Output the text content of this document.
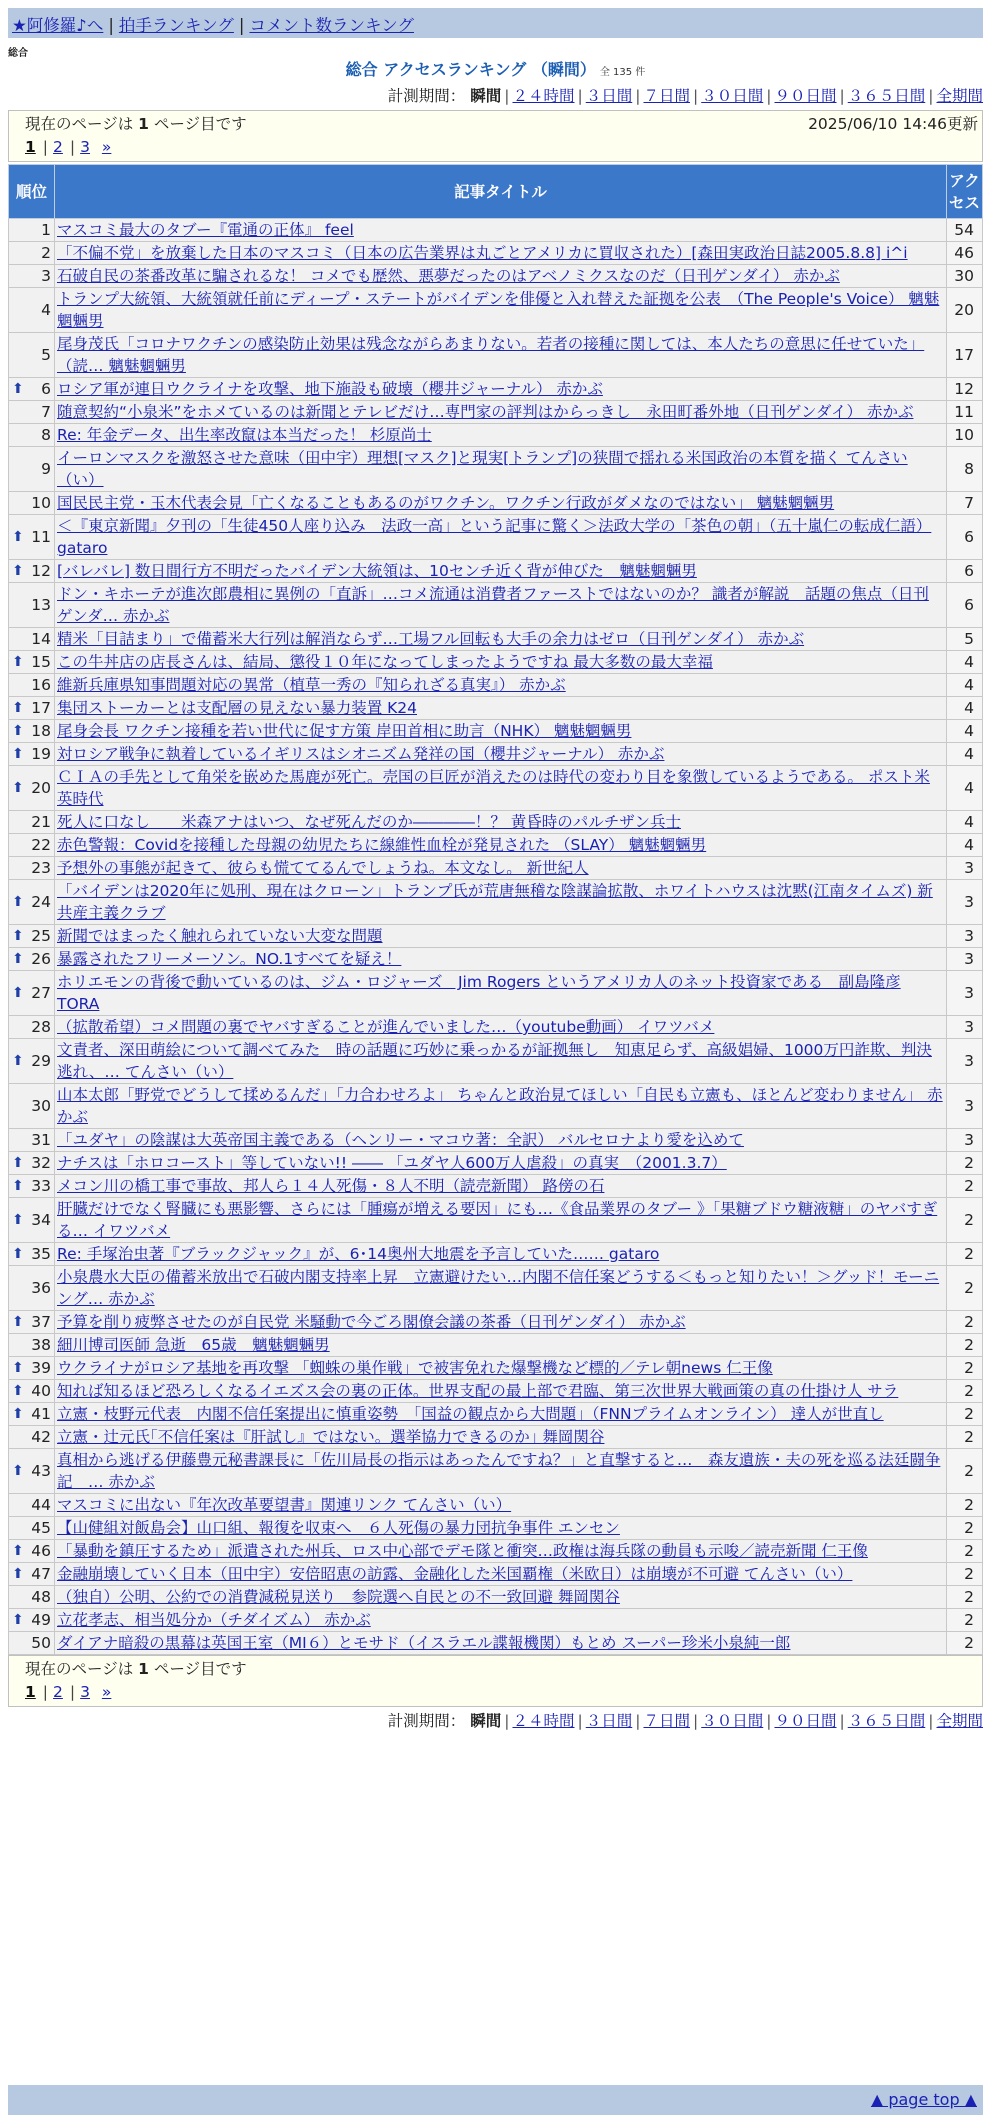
★阿修羅♪へ | 拍手ランキング | コメント数ランキング
総合
総合 アクセスランキング （瞬間） 全 135 件
計測期間： 瞬間 | ２４時間 | ３日間 | ７日間 | ３０日間 | ９０日間 | ３６５日間 | 全期間
現在のページは 1 ページ目です	2025/06/10 14:46更新
1 | 2 | 3 »
順位	記事タイトル	アクセス
1	マスコミ最大のタブー『電通の正体』 feel	54
2	「不偏不党」を放棄した日本のマスコミ（日本の広告業界は丸ごとアメリカに買収された）[森田実政治日誌2005.8.8] i^i	46
3	石破自民の茶番改革に騙されるな！ コメでも歴然、悪夢だったのはアベノミクスなのだ（日刊ゲンダイ） 赤かぶ	30
4	トランプ大統領、大統領就任前にディープ・ステートがバイデンを俳優と入れ替えた証拠を公表　（The People's Voice） 魑魅魍魎男	20
5	尾身茂氏「コロナワクチンの感染防止効果は残念ながらあまりない。若者の接種に関しては、本人たちの意思に任せていた」 （読… 魑魅魍魎男	17

⬆ 6	ロシア軍が連日ウクライナを攻撃、地下施設も破壊（櫻井ジャーナル） 赤かぶ	12
7	随意契約“小泉米”をホメているのは新聞とテレビだけ…専門家の評判はからっきし　永田町番外地（日刊ゲンダイ） 赤かぶ	11
8	Re: 年金データ、出生率改竄は本当だった！ 杉原尚士	10
9	イーロンマスクを激怒させた意味（田中宇）理想[マスク]と現実[トランプ]の狭間で揺れる米国政治の本質を描く てんさい（い）	8
10	国民民主党・玉木代表会見「亡くなることもあるのがワクチン。ワクチン行政がダメなのではない」 魑魅魍魎男	7

⬆ 11	＜『東京新聞』夕刊の「生徒450人座り込み　法政一高」という記事に驚く＞法政大学の「茶色の朝」（五十嵐仁の転成仁語） gataro	6

⬆ 12	[バレバレ] 数日間行方不明だったバイデン大統領は、10センチ近く背が伸びた　魑魅魍魎男	6
13	ドン・キホーテが進次郎農相に異例の「直訴」…コメ流通は消費者ファーストではないのか？ 識者が解説　話題の焦点（日刊ゲンダ… 赤かぶ	6
14	精米「目詰まり」で備蓄米大行列は解消ならず…工場フル回転も大手の余力はゼロ（日刊ゲンダイ） 赤かぶ	5

⬆ 15	この牛丼店の店長さんは、結局、懲役１０年になってしまったようですね 最大多数の最大幸福	4
16	維新兵庫県知事問題対応の異常（植草一秀の『知られざる真実』） 赤かぶ	4

⬆ 17	集団ストーカーとは支配層の見えない暴力装置 K24	4

⬆ 18	尾身会長 ワクチン接種を若い世代に促す方策 岸田首相に助言（NHK） 魑魅魍魎男	4

⬆ 19	対ロシア戦争に執着しているイギリスはシオニズム発祥の国（櫻井ジャーナル） 赤かぶ	4

⬆ 20	ＣＩＡの手先として角栄を嵌めた馬鹿が死亡。売国の巨匠が消えたのは時代の変わり目を象徴しているようである。 ポスト米英時代	4
21	死人に口なし　　米森アナはいつ、なぜ死んだのか――――！？ 黄昏時のパルチザン兵士	4
22	赤色警報：Covidを接種した母親の幼児たちに線維性血栓が発見された （SLAY） 魑魅魍魎男	4
23	予想外の事態が起きて、彼らも慌ててるんでしょうね。本文なし。 新世紀人	3

⬆ 24	「バイデンは2020年に処刑、現在はクローン」トランプ氏が荒唐無稽な陰謀論拡散、ホワイトハウスは沈黙(江南タイムズ) 新共産主義クラブ	3

⬆ 25	新聞ではまったく触れられていない大変な問題	3

⬆ 26	暴露されたフリーメーソン。NO.1すべてを疑え！	3

⬆ 27	ホリエモンの背後で動いているのは、ジム・ロジャーズ　Jim Rogers というアメリカ人のネット投資家である　副島隆彦 TORA	3
28	（拡散希望）コメ問題の裏でヤバすぎることが進んでいました…（youtube動画） イワツバメ	3

⬆ 29	文責者、深田萌絵について調べてみた　時の話題に巧妙に乗っかるが証拠無し　知恵足らず、高級娼婦、1000万円詐欺、判決逃れ、… てんさい（い）	3
30	山本太郎「野党でどうして揉めるんだ」「力合わせろよ」 ちゃんと政治見てほしい「自民も立憲も、ほとんど変わりません」 赤かぶ	3
31	「ユダヤ」の陰謀は大英帝国主義である（ヘンリー・マコウ著：全訳） バルセロナより愛を込めて	3

⬆ 32	ナチスは「ホロコースト」等していない!! ―― 「ユダヤ人600万人虐殺」の真実　（2001.3.7）	2

⬆ 33	メコン川の橋工事で事故、邦人ら１４人死傷・８人不明（読売新聞） 路傍の石	2

⬆ 34	肝臓だけでなく腎臓にも悪影響、さらには「腫瘍が増える要因」にも…《食品業界のタブー 》「果糖ブドウ糖液糖」のヤバすぎる… イワツバメ	2

⬆ 35	Re: 手塚治虫著『ブラックジャック』が、6･14奥州大地震を予言していた…… gataro	2
36	小泉農水大臣の備蓄米放出で石破内閣支持率上昇　立憲避けたい…内閣不信任案どうする＜もっと知りたい！＞グッド！モーニング… 赤かぶ	2

⬆ 37	予算を削り疲弊させたのが自民党 米騒動で今ごろ閣僚会議の茶番（日刊ゲンダイ） 赤かぶ	2
38	細川博司医師 急逝　65歳　魑魅魍魎男	2

⬆ 39	ウクライナがロシア基地を再攻撃 「蜘蛛の巣作戦」で被害免れた爆撃機など標的／テレ朝news 仁王像	2

⬆ 40	知れば知るほど恐ろしくなるイエズス会の裏の正体。世界支配の最上部で君臨、第三次世界大戦画策の真の仕掛け人 サラ	2

⬆ 41	立憲・枝野元代表　内閣不信任案提出に慎重姿勢　「国益の観点から大問題」（FNNプライムオンライン） 達人が世直し	2
42	立憲・辻元氏｢不信任案は『肝試し』ではない。選挙協力できるのか｣ 舞岡関谷	2

⬆ 43	真相から逃げる伊藤豊元秘書課長に「佐川局長の指示はあったんですね？」と直撃すると…　森友遺族・夫の死を巡る法廷闘争記　… 赤かぶ	2
44	マスコミに出ない『年次改革要望書』関連リンク てんさい（い）	2
45	【山健組対飯島会】山口組、報復を収束へ　６人死傷の暴力団抗争事件 エンセン	2

⬆ 46	「暴動を鎮圧するため」派遣された州兵、ロス中心部でデモ隊と衝突…政権は海兵隊の動員も示唆／読売新聞 仁王像	2

⬆ 47	金融崩壊していく日本（田中宇）安倍昭恵の訪露、金融化した米国覇権（米欧日）は崩壊が不可避 てんさい（い）	2
48	（独自）公明、公約での消費減税見送り　参院選へ自民との不一致回避 舞岡関谷	2

⬆ 49	立花孝志、相当処分か（チダイズム） 赤かぶ	2
50	ダイアナ暗殺の黒幕は英国王室（MI６）とモサド（イスラエル諜報機関）もとめ スーパー珍米小泉純一郎	2
現在のページは 1 ページ目です
1 | 2 | 3 »
計測期間： 瞬間 | ２４時間 | ３日間 | ７日間 | ３０日間 | ９０日間 | ３６５日間 | 全期間
▲ page top ▲
